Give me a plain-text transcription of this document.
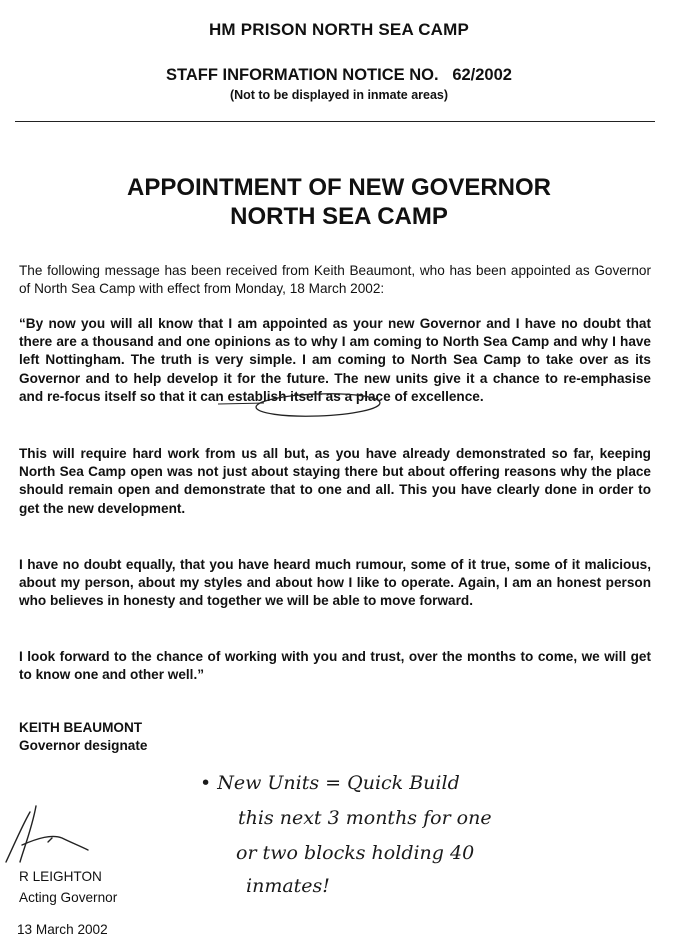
HM PRISON NORTH SEA CAMP
STAFF INFORMATION NOTICE NO.   62/2002
(Not to be displayed in inmate areas)
APPOINTMENT OF NEW GOVERNOR
NORTH SEA CAMP
The following message has been received from Keith Beaumont, who has been appointed as Governor of North Sea Camp with effect from Monday, 18 March 2002:
“By now you will all know that I am appointed as your new Governor and I have no doubt that there are a thousand and one opinions as to why I am coming to North Sea Camp and why I have left Nottingham. The truth is very simple. I am coming to North Sea Camp to take over as its Governor and to help develop it for the future. The new units give it a chance to re-emphasise and re-focus itself so that it can establish itself as a place of excellence.
This will require hard work from us all but, as you have already demonstrated so far, keeping North Sea Camp open was not just about staying there but about offering reasons why the place should remain open and demonstrate that to one and all. This you have clearly done in order to get the new development.
I have no doubt equally, that you have heard much rumour, some of it true, some of it malicious, about my person, about my styles and about how I like to operate. Again, I am an honest person who believes in honesty and together we will be able to move forward.
I look forward to the chance of working with you and trust, over the months to come, we will get to know one and other well.”
KEITH BEAUMONT
Governor designate
R LEIGHTON
Acting Governor
13 March 2002
• New Units = Quick Build
this next 3 months for one
or two blocks holding 40
inmates!
